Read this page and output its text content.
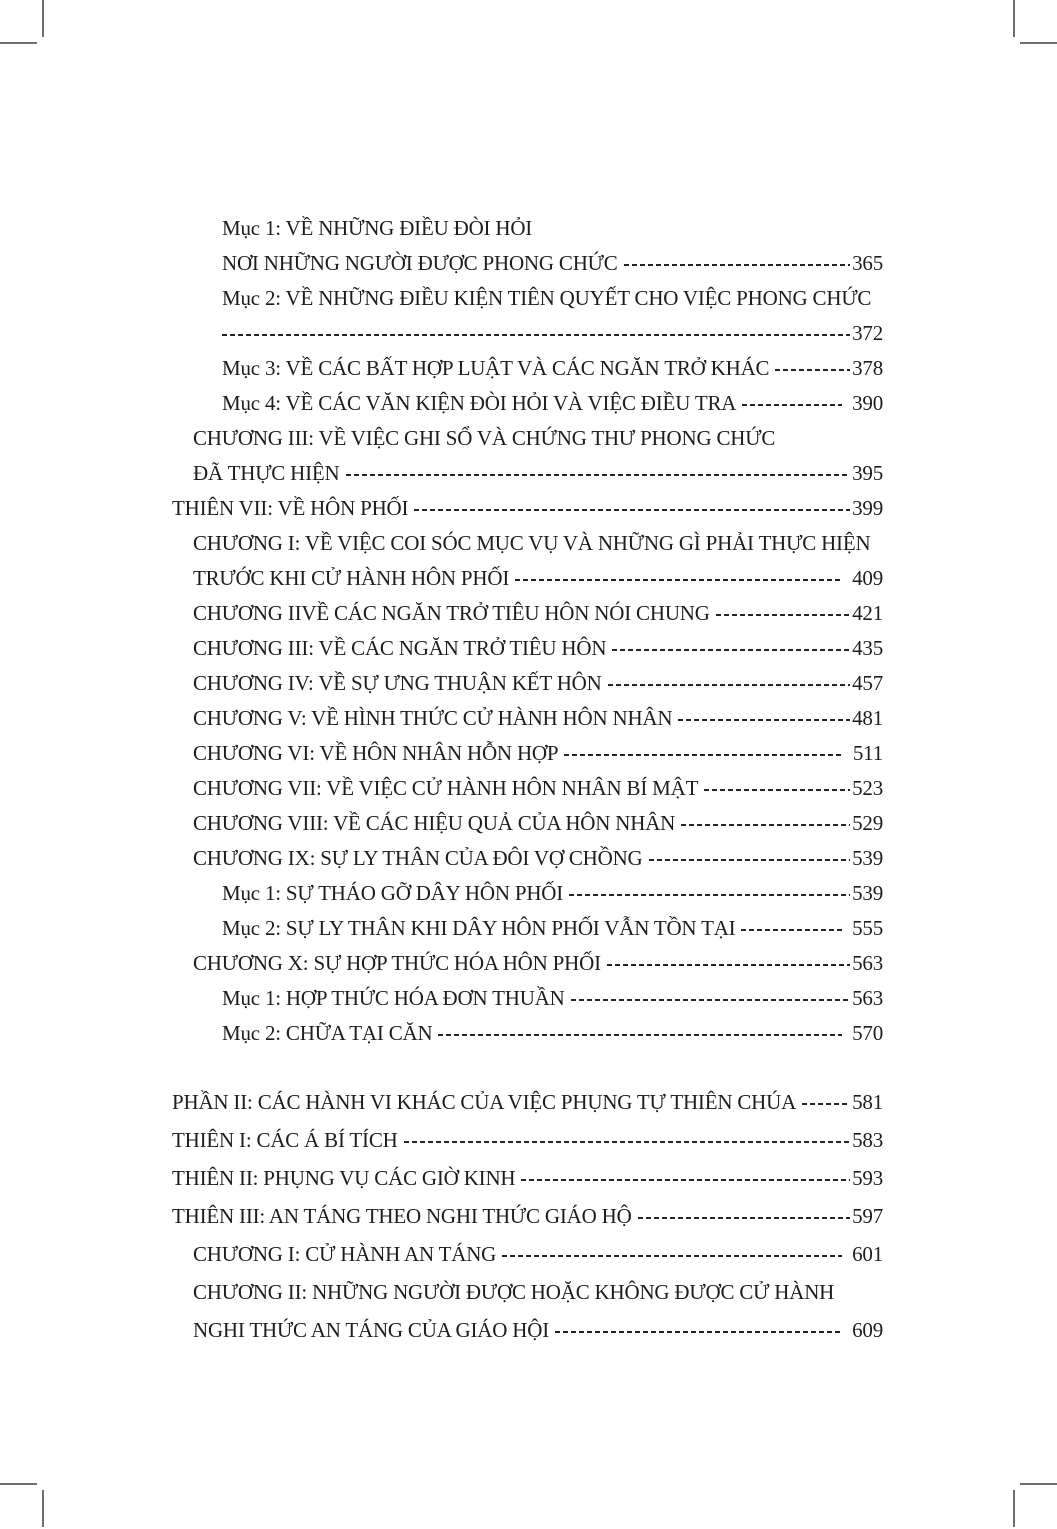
Mục 1: VỀ NHỮNG ĐIỀU ĐÒI HỎI
NƠI NHỮNG NGƯỜI ĐƯỢC PHONG CHỨC	365
Mục 2: VỀ NHỮNG ĐIỀU KIỆN TIÊN QUYẾT CHO VIỆC PHONG CHỨC
372
Mục 3: VỀ CÁC BẤT HỢP LUẬT VÀ CÁC NGĂN TRỞ KHÁC	378
Mục 4: VỀ CÁC VĂN KIỆN ĐÒI HỎI VÀ VIỆC ĐIỀU TRA	390
CHƯƠNG III: VỀ VIỆC GHI SỔ VÀ CHỨNG THƯ PHONG CHỨC
ĐÃ THỰC HIỆN	395
THIÊN VII: VỀ HÔN PHỐI	399
CHƯƠNG I: VỀ VIỆC COI SÓC MỤC VỤ VÀ NHỮNG GÌ PHẢI THỰC HIỆN
TRƯỚC KHI CỬ HÀNH HÔN PHỐI	409
CHƯƠNG IIVỀ CÁC NGĂN TRỞ TIÊU HÔN NÓI CHUNG	421
CHƯƠNG III: VỀ CÁC NGĂN TRỞ TIÊU HÔN	435
CHƯƠNG IV: VỀ SỰ ƯNG THUẬN KẾT HÔN	457
CHƯƠNG V: VỀ HÌNH THỨC CỬ HÀNH HÔN NHÂN	481
CHƯƠNG VI: VỀ HÔN NHÂN HỖN HỢP	511
CHƯƠNG VII: VỀ VIỆC CỬ HÀNH HÔN NHÂN BÍ MẬT	523
CHƯƠNG VIII: VỀ CÁC HIỆU QUẢ CỦA HÔN NHÂN	529
CHƯƠNG IX: SỰ LY THÂN CỦA ĐÔI VỢ CHỒNG	539
Mục 1: SỰ THÁO GỠ DÂY HÔN PHỐI	539
Mục 2: SỰ LY THÂN KHI DÂY HÔN PHỐI VẪN TỒN TẠI	555
CHƯƠNG X: SỰ HỢP THỨC HÓA HÔN PHỐI	563
Mục 1: HỢP THỨC HÓA ĐƠN THUẦN	563
Mục 2: CHỮA TẠI CĂN	570
PHẦN II: CÁC HÀNH VI KHÁC CỦA VIỆC PHỤNG TỰ THIÊN CHÚA	581
THIÊN I: CÁC Á BÍ TÍCH	583
THIÊN II: PHỤNG VỤ CÁC GIỜ KINH	593
THIÊN III: AN TÁNG THEO NGHI THỨC GIÁO HỘ	597
CHƯƠNG I: CỬ HÀNH AN TÁNG	601
CHƯƠNG II: NHỮNG NGƯỜI ĐƯỢC HOẶC KHÔNG ĐƯỢC CỬ HÀNH
NGHI THỨC AN TÁNG CỦA GIÁO HỘI	609
